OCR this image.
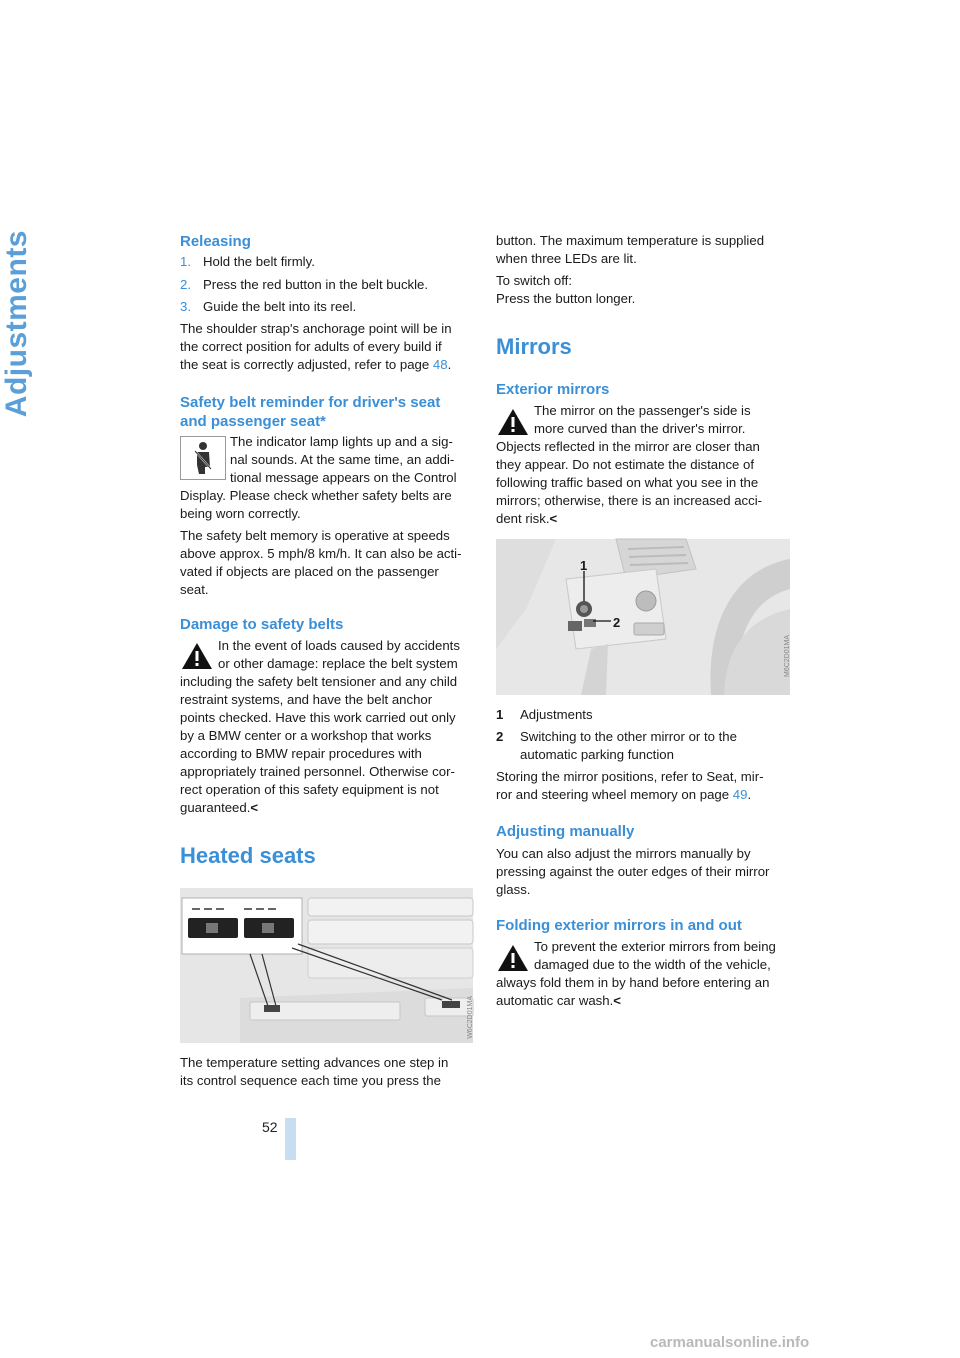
Adjustments	Releasing
1. Hold the belt firmly.
2. Press the red button in the belt buckle.
3. Guide the belt into its reel.

The shoulder strap's anchorage point will be in
the correct position for adults of every build if
the seat is correctly adjusted, refer to page 48.

Safety belt reminder for driver's seat
and passenger seat*

The indicator lamp lights up and a sig-
nal sounds. At the same time, an addi-
tional message appears on the Control
Display. Please check whether safety belts are
being worn correctly.

The safety belt memory is operative at speeds
above approx. 5 mph/8 km/h. It can also be acti-
vated if objects are placed on the passenger
seat.

Damage to safety belts

In the event of loads caused by accidents
or other damage: replace the belt system
including the safety belt tensioner and any child
restraint systems, and have the belt anchor
points checked. Have this work carried out only
by a BMW center or a workshop that works
according to BMW repair procedures with
appropriately trained personnel. Otherwise cor-
rect operation of this safety equipment is not
guaranteed.<

Heated seats
W6C2D01MA

The temperature setting advances one step in
its control sequence each time you press the

button. The maximum temperature is supplied
when three LEDs are lit.

To switch off:
Press the button longer.

Mirrors
Exterior mirrors

The mirror on the passenger's side is
more curved than the driver's mirror.
Objects reflected in the mirror are closer than
they appear. Do not estimate the distance of
following traffic based on what you see in the
mirrors; otherwise, there is an increased acci-
dent risk.<

1
2
M6C2D01MA
1 Adjustments
2 Switching to the other mirror or to the
automatic parking function

Storing the mirror positions, refer to Seat, mir-
ror and steering wheel memory on page 49.

Adjusting manually

You can also adjust the mirrors manually by
pressing against the outer edges of their mirror
glass.

Folding exterior mirrors in and out

To prevent the exterior mirrors from being
damaged due to the width of the vehicle,
always fold them in by hand before entering an
automatic car wash.<

52
carmanualsonline.info
